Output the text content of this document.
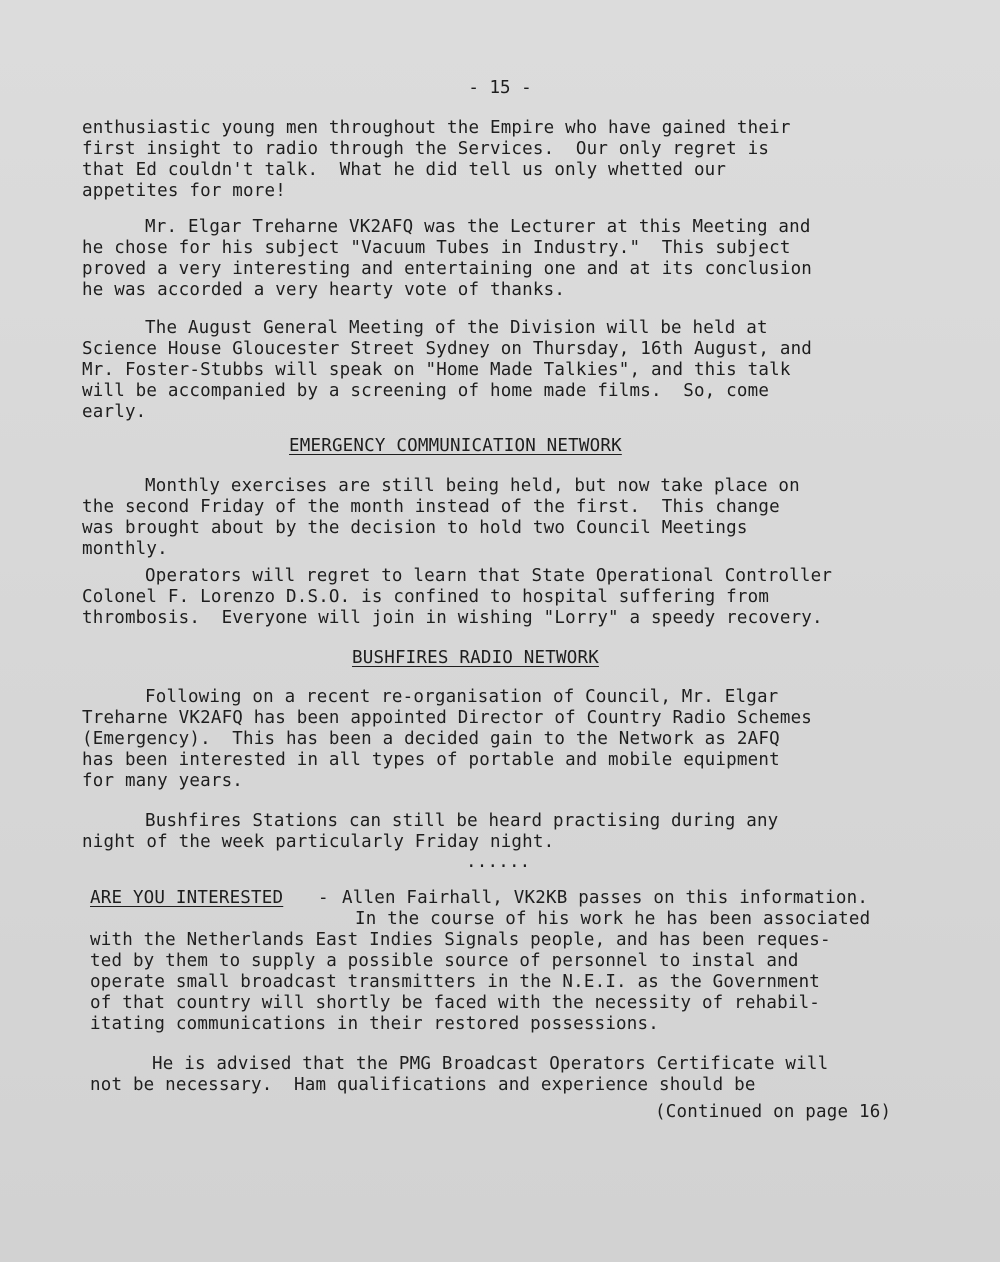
- 15 -
enthusiastic young men throughout the Empire who have gained their
first insight to radio through the Services.  Our only regret is
that Ed couldn't talk.  What he did tell us only whetted our
appetites for more!
Mr. Elgar Treharne VK2AFQ was the Lecturer at this Meeting and
he chose for his subject "Vacuum Tubes in Industry."  This subject
proved a very interesting and entertaining one and at its conclusion
he was accorded a very hearty vote of thanks.
The August General Meeting of the Division will be held at
Science House Gloucester Street Sydney on Thursday, 16th August, and
Mr. Foster-Stubbs will speak on "Home Made Talkies", and this talk
will be accompanied by a screening of home made films.  So, come
early.
EMERGENCY COMMUNICATION NETWORK
Monthly exercises are still being held, but now take place on
the second Friday of the month instead of the first.  This change
was brought about by the decision to hold two Council Meetings
monthly.
Operators will regret to learn that State Operational Controller
Colonel F. Lorenzo D.S.O. is confined to hospital suffering from
thrombosis.  Everyone will join in wishing "Lorry" a speedy recovery.
BUSHFIRES RADIO NETWORK
Following on a recent re-organisation of Council, Mr. Elgar
Treharne VK2AFQ has been appointed Director of Country Radio Schemes
(Emergency).  This has been a decided gain to the Network as 2AFQ
has been interested in all types of portable and mobile equipment
for many years.
Bushfires Stations can still be heard practising during any
night of the week particularly Friday night.
......
ARE YOU INTERESTED - Allen Fairhall, VK2KB passes on this information.
In the course of his work he has been associated
with the Netherlands East Indies Signals people, and has been reques-
ted by them to supply a possible source of personnel to instal and
operate small broadcast transmitters in the N.E.I. as the Government
of that country will shortly be faced with the necessity of rehabil-
itating communications in their restored possessions.
He is advised that the PMG Broadcast Operators Certificate will
not be necessary.  Ham qualifications and experience should be
(Continued on page 16)
